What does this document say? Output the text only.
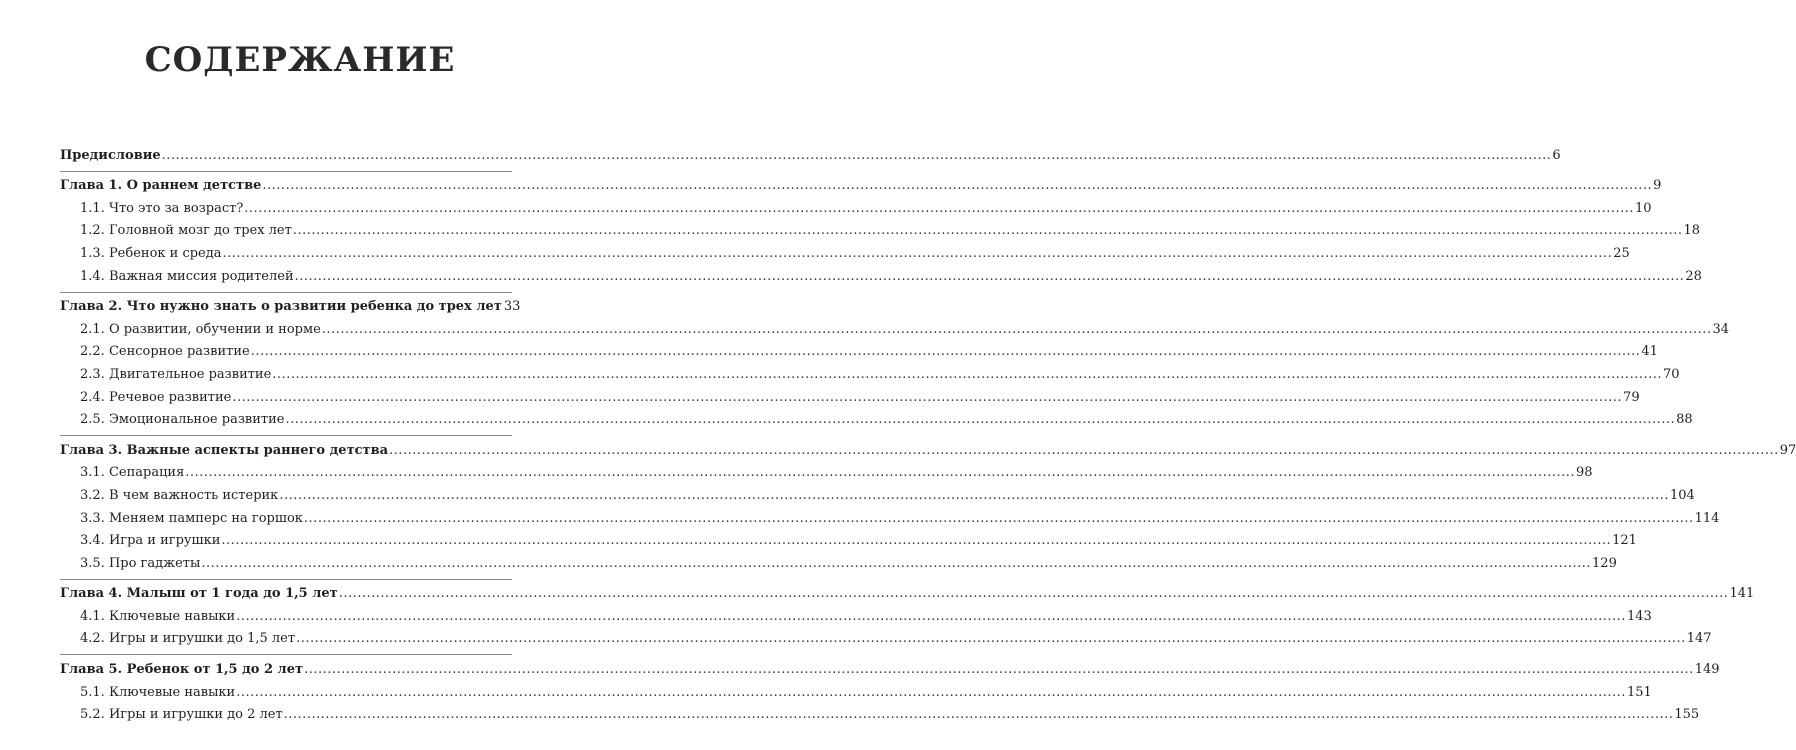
СОДЕРЖАНИЕ
Предисловие ............................................................................................................................................................................................................................................................................................................ 6
Глава 1. О раннем детстве ............................................................................................................................................................................................................................................................................................................ 9
1.1. Что это за возраст? ............................................................................................................................................................................................................................................................................................................ 10
1.2. Головной мозг до трех лет ............................................................................................................................................................................................................................................................................................................ 18
1.3. Ребенок и среда ............................................................................................................................................................................................................................................................................................................ 25
1.4. Важная миссия родителей ............................................................................................................................................................................................................................................................................................................ 28
Глава 2. Что нужно знать о развитии ребенка до трех лет 33
2.1. О развитии, обучении и норме ............................................................................................................................................................................................................................................................................................................ 34
2.2. Сенсорное развитие ............................................................................................................................................................................................................................................................................................................ 41
2.3. Двигательное развитие ............................................................................................................................................................................................................................................................................................................ 70
2.4. Речевое развитие ............................................................................................................................................................................................................................................................................................................ 79
2.5. Эмоциональное развитие ............................................................................................................................................................................................................................................................................................................ 88
Глава 3. Важные аспекты раннего детства ............................................................................................................................................................................................................................................................................................................ 97
3.1. Сепарация ............................................................................................................................................................................................................................................................................................................ 98
3.2. В чем важность истерик ............................................................................................................................................................................................................................................................................................................ 104
3.3. Меняем памперс на горшок ............................................................................................................................................................................................................................................................................................................ 114
3.4. Игра и игрушки ............................................................................................................................................................................................................................................................................................................ 121
3.5. Про гаджеты ............................................................................................................................................................................................................................................................................................................ 129
Глава 4. Малыш от 1 года до 1,5 лет ............................................................................................................................................................................................................................................................................................................ 141
4.1. Ключевые навыки ............................................................................................................................................................................................................................................................................................................ 143
4.2. Игры и игрушки до 1,5 лет ............................................................................................................................................................................................................................................................................................................ 147
Глава 5. Ребенок от 1,5 до 2 лет ............................................................................................................................................................................................................................................................................................................ 149
5.1. Ключевые навыки ............................................................................................................................................................................................................................................................................................................ 151
5.2. Игры и игрушки до 2 лет ............................................................................................................................................................................................................................................................................................................ 155
